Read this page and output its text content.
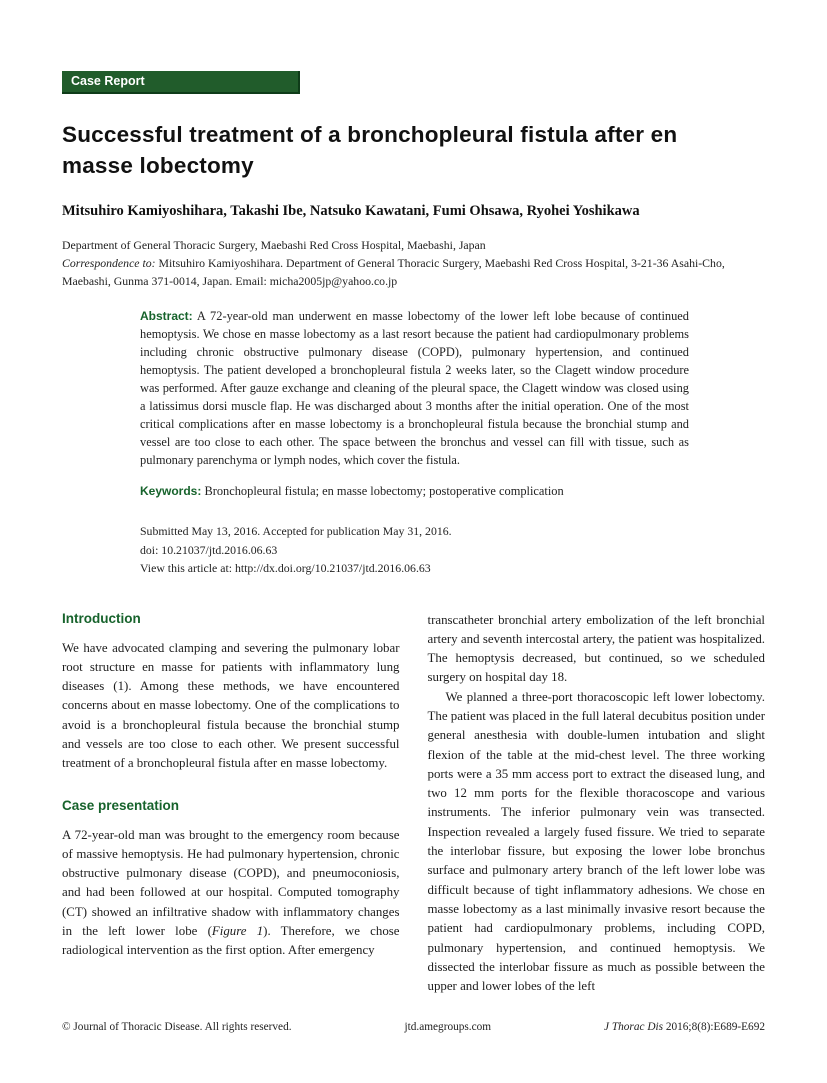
Case Report
Successful treatment of a bronchopleural fistula after en masse lobectomy
Mitsuhiro Kamiyoshihara, Takashi Ibe, Natsuko Kawatani, Fumi Ohsawa, Ryohei Yoshikawa
Department of General Thoracic Surgery, Maebashi Red Cross Hospital, Maebashi, Japan
Correspondence to: Mitsuhiro Kamiyoshihara. Department of General Thoracic Surgery, Maebashi Red Cross Hospital, 3-21-36 Asahi-Cho, Maebashi, Gunma 371-0014, Japan. Email: micha2005jp@yahoo.co.jp
Abstract: A 72-year-old man underwent en masse lobectomy of the lower left lobe because of continued hemoptysis. We chose en masse lobectomy as a last resort because the patient had cardiopulmonary problems including chronic obstructive pulmonary disease (COPD), pulmonary hypertension, and continued hemoptysis. The patient developed a bronchopleural fistula 2 weeks later, so the Clagett window procedure was performed. After gauze exchange and cleaning of the pleural space, the Clagett window was closed using a latissimus dorsi muscle flap. He was discharged about 3 months after the initial operation. One of the most critical complications after en masse lobectomy is a bronchopleural fistula because the bronchial stump and vessel are too close to each other. The space between the bronchus and vessel can fill with tissue, such as pulmonary parenchyma or lymph nodes, which cover the fistula.
Keywords: Bronchopleural fistula; en masse lobectomy; postoperative complication
Submitted May 13, 2016. Accepted for publication May 31, 2016.
doi: 10.21037/jtd.2016.06.63
View this article at: http://dx.doi.org/10.21037/jtd.2016.06.63
Introduction

We have advocated clamping and severing the pulmonary lobar root structure en masse for patients with inflammatory lung diseases (1). Among these methods, we have encountered concerns about en masse lobectomy. One of the complications to avoid is a bronchopleural fistula because the bronchial stump and vessels are too close to each other. We present successful treatment of a bronchopleural fistula after en masse lobectomy.

Case presentation

A 72-year-old man was brought to the emergency room because of massive hemoptysis. He had pulmonary hypertension, chronic obstructive pulmonary disease (COPD), and pneumoconiosis, and had been followed at our hospital. Computed tomography (CT) showed an infiltrative shadow with inflammatory changes in the left lower lobe (Figure 1). Therefore, we chose radiological intervention as the first option. After emergency

transcatheter bronchial artery embolization of the left bronchial artery and seventh intercostal artery, the patient was hospitalized. The hemoptysis decreased, but continued, so we scheduled surgery on hospital day 18.

We planned a three-port thoracoscopic left lower lobectomy. The patient was placed in the full lateral decubitus position under general anesthesia with double-lumen intubation and slight flexion of the table at the mid-chest level. The three working ports were a 35 mm access port to extract the diseased lung, and two 12 mm ports for the flexible thoracoscope and various instruments. The inferior pulmonary vein was transected. Inspection revealed a largely fused fissure. We tried to separate the interlobar fissure, but exposing the lower lobe bronchus surface and pulmonary artery branch of the left lower lobe was difficult because of tight inflammatory adhesions. We chose en masse lobectomy as a last minimally invasive resort because the patient had cardiopulmonary problems, including COPD, pulmonary hypertension, and continued hemoptysis. We dissected the interlobar fissure as much as possible between the upper and lower lobes of the left

© Journal of Thoracic Disease. All rights reserved.	jtd.amegroups.com	J Thorac Dis 2016;8(8):E689-E692
